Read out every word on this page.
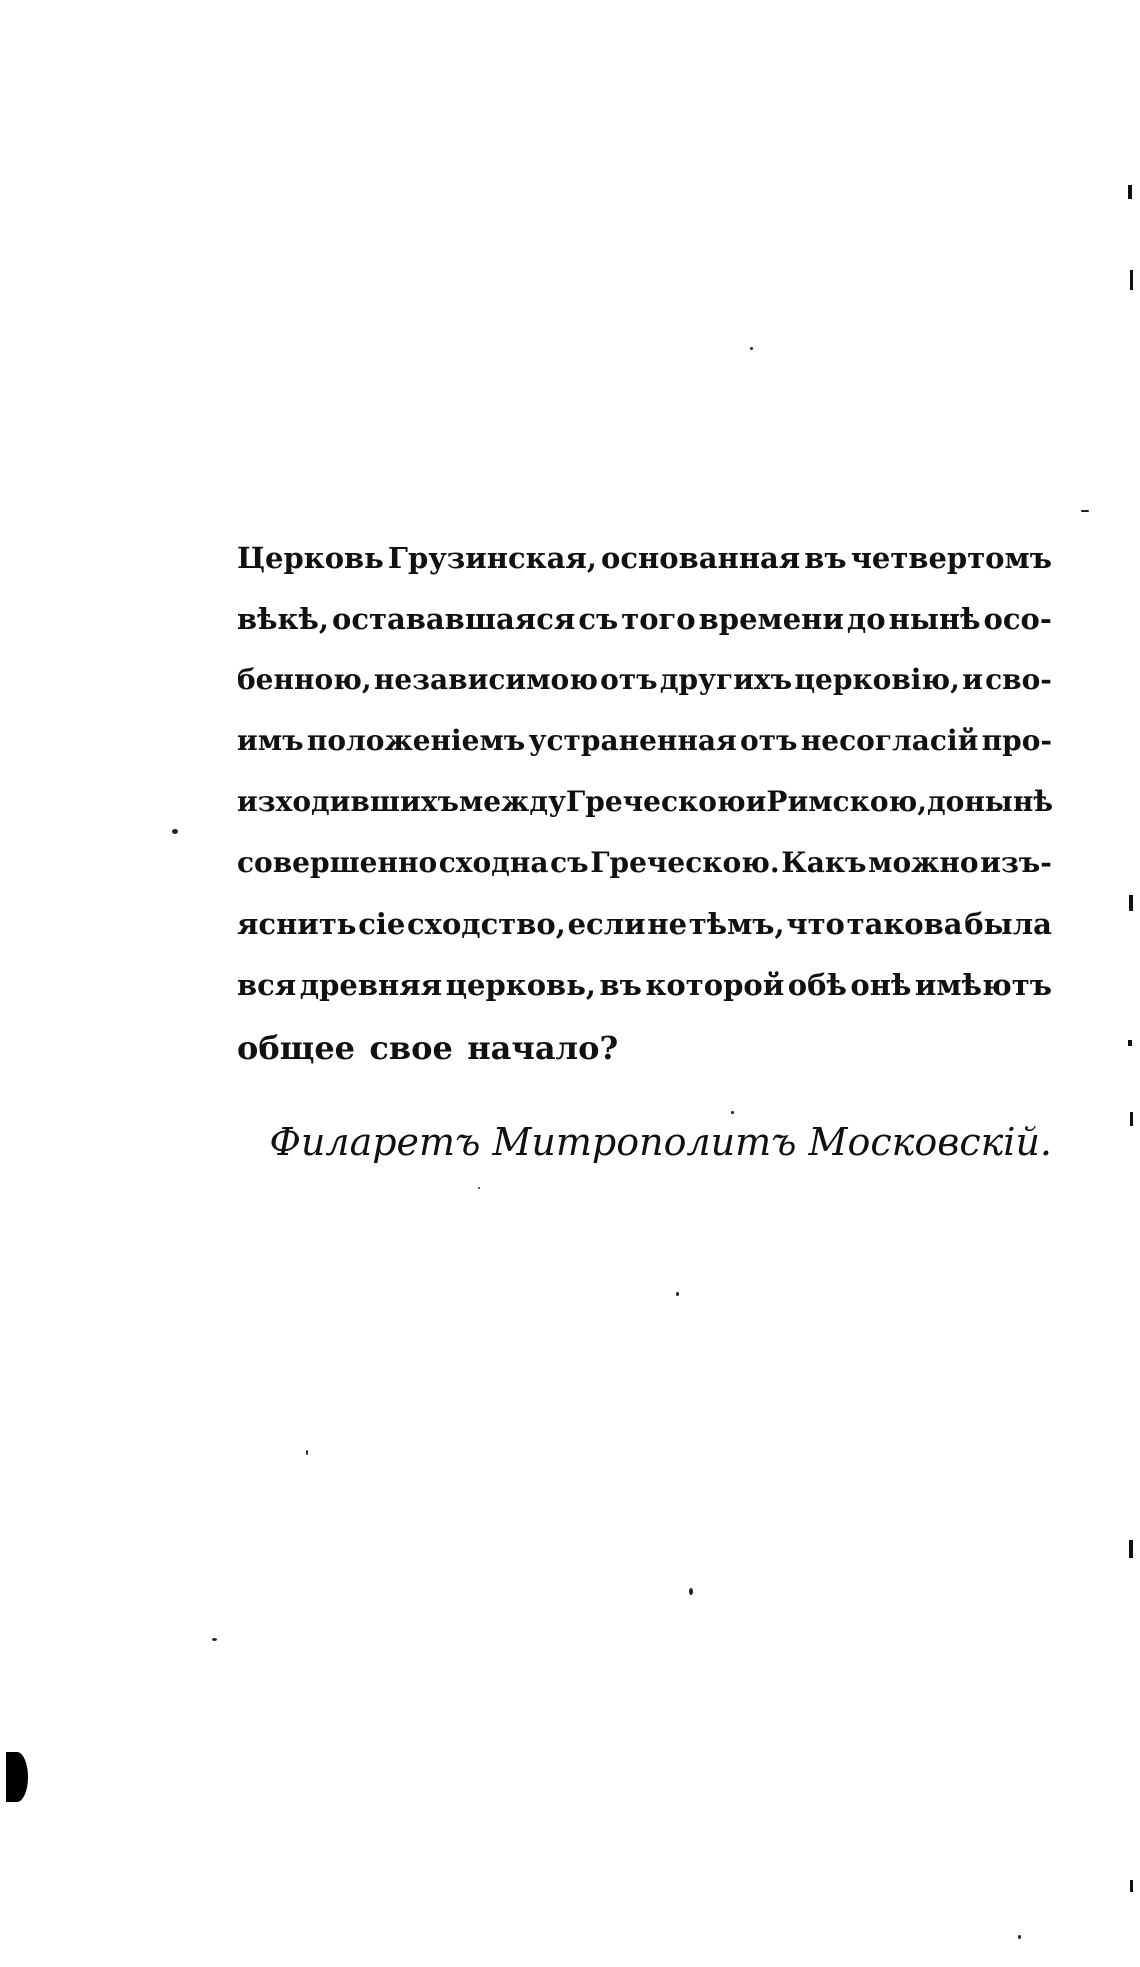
Церковь Грузинская, основанная въ четвертомъ
вѣкѣ, остававшаяся съ того времени до нынѣ осо-
бенною, независимою отъ другихъ церковію, и сво-
имъ положеніемъ устраненная отъ несогласій про-
изходившихъ между Греческою и Римскою, до нынѣ
совершенно сходна съ Греческою. Какъ можно изъ-
яснить сіе сходство, если не тѣмъ, что такова была
вся древняя церковь, въ которой обѣ онѣ имѣютъ
общее свое начало?
Филаретъ Митрополитъ Московскій.
